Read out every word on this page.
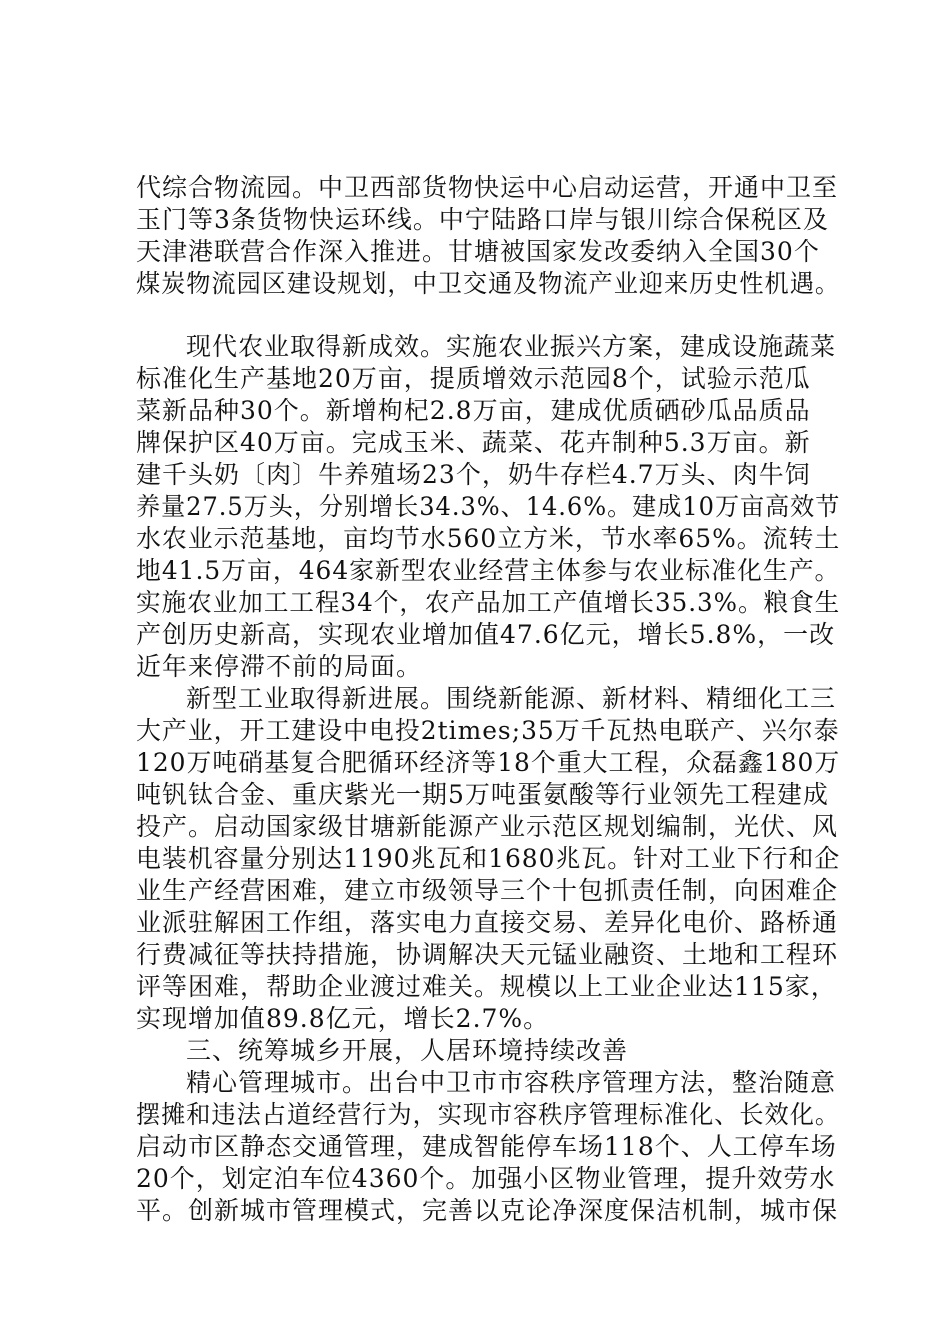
代综合物流园。中卫西部货物快运中心启动运营，开通中卫至
玉门等3条货物快运环线。中宁陆路口岸与银川综合保税区及
天津港联营合作深入推进。甘塘被国家发改委纳入全国30个
煤炭物流园区建设规划，中卫交通及物流产业迎来历史性机遇。
现代农业取得新成效。实施农业振兴方案，建成设施蔬菜
标准化生产基地20万亩，提质增效示范园8个，试验示范瓜
菜新品种30个。新增枸杞2.8万亩，建成优质硒砂瓜品质品
牌保护区40万亩。完成玉米、蔬菜、花卉制种5.3万亩。新
建千头奶〔肉〕牛养殖场23个，奶牛存栏4.7万头、肉牛饲
养量27.5万头，分别增长34.3%、14.6%。建成10万亩高效节
水农业示范基地，亩均节水560立方米，节水率65%。流转土
地41.5万亩，464家新型农业经营主体参与农业标准化生产。
实施农业加工工程34个，农产品加工产值增长35.3%。粮食生
产创历史新高，实现农业增加值47.6亿元，增长5.8%，一改
近年来停滞不前的局面。
新型工业取得新进展。围绕新能源、新材料、精细化工三
大产业，开工建设中电投2times;35万千瓦热电联产、兴尔泰
120万吨硝基复合肥循环经济等18个重大工程，众磊鑫180万
吨钒钛合金、重庆紫光一期5万吨蛋氨酸等行业领先工程建成
投产。启动国家级甘塘新能源产业示范区规划编制，光伏、风
电装机容量分别达1190兆瓦和1680兆瓦。针对工业下行和企
业生产经营困难，建立市级领导三个十包抓责任制，向困难企
业派驻解困工作组，落实电力直接交易、差异化电价、路桥通
行费减征等扶持措施，协调解决天元锰业融资、土地和工程环
评等困难，帮助企业渡过难关。规模以上工业企业达115家，
实现增加值89.8亿元，增长2.7%。
三、统筹城乡开展，人居环境持续改善
精心管理城市。出台中卫市市容秩序管理方法，整治随意
摆摊和违法占道经营行为，实现市容秩序管理标准化、长效化。
启动市区静态交通管理，建成智能停车场118个、人工停车场
20个，划定泊车位4360个。加强小区物业管理，提升效劳水
平。创新城市管理模式，完善以克论净深度保洁机制，城市保
